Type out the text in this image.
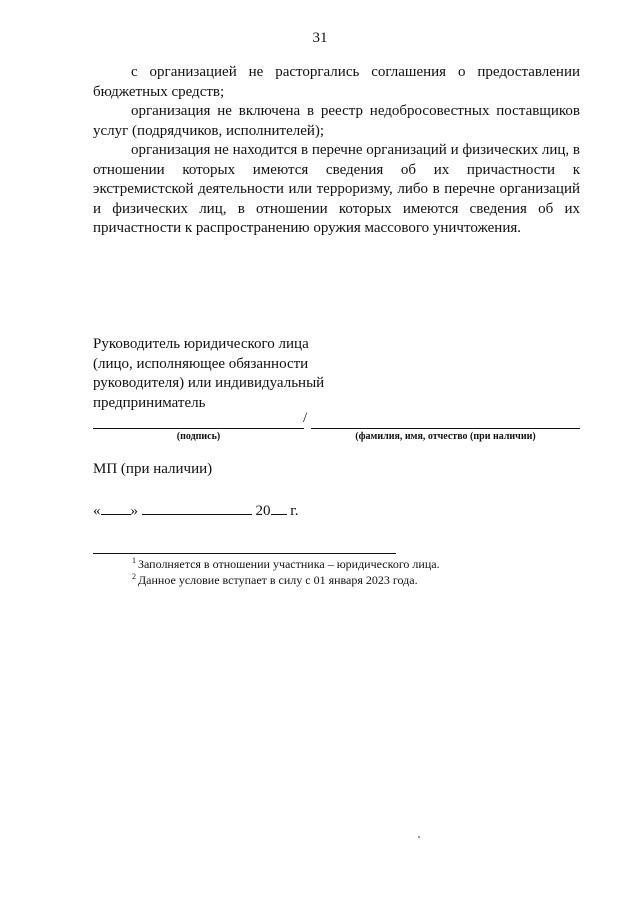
31

с организацией не расторгались соглашения о предоставлении бюджетных средств;

организация не включена в реестр недобросовестных поставщиков услуг (подрядчиков, исполнителей);

организация не находится в перечне организаций и физических лиц, в отношении которых имеются сведения об их причастности к экстремистской деятельности или терроризму, либо в перечне организаций и физических лиц, в отношении которых имеются сведения об их причастности к распространению оружия массового уничтожения.

Руководитель юридического лица
(лицо, исполняющее обязанности
руководителя) или индивидуальный
предприниматель
/
(подпись)	(фамилия, имя, отчество (при наличии)
МП (при наличии)
« »	20 г.
$^1$ Заполняется в отношении участника – юридического лица.
$^2$ Данное условие вступает в силу с 01 января 2023 года.
